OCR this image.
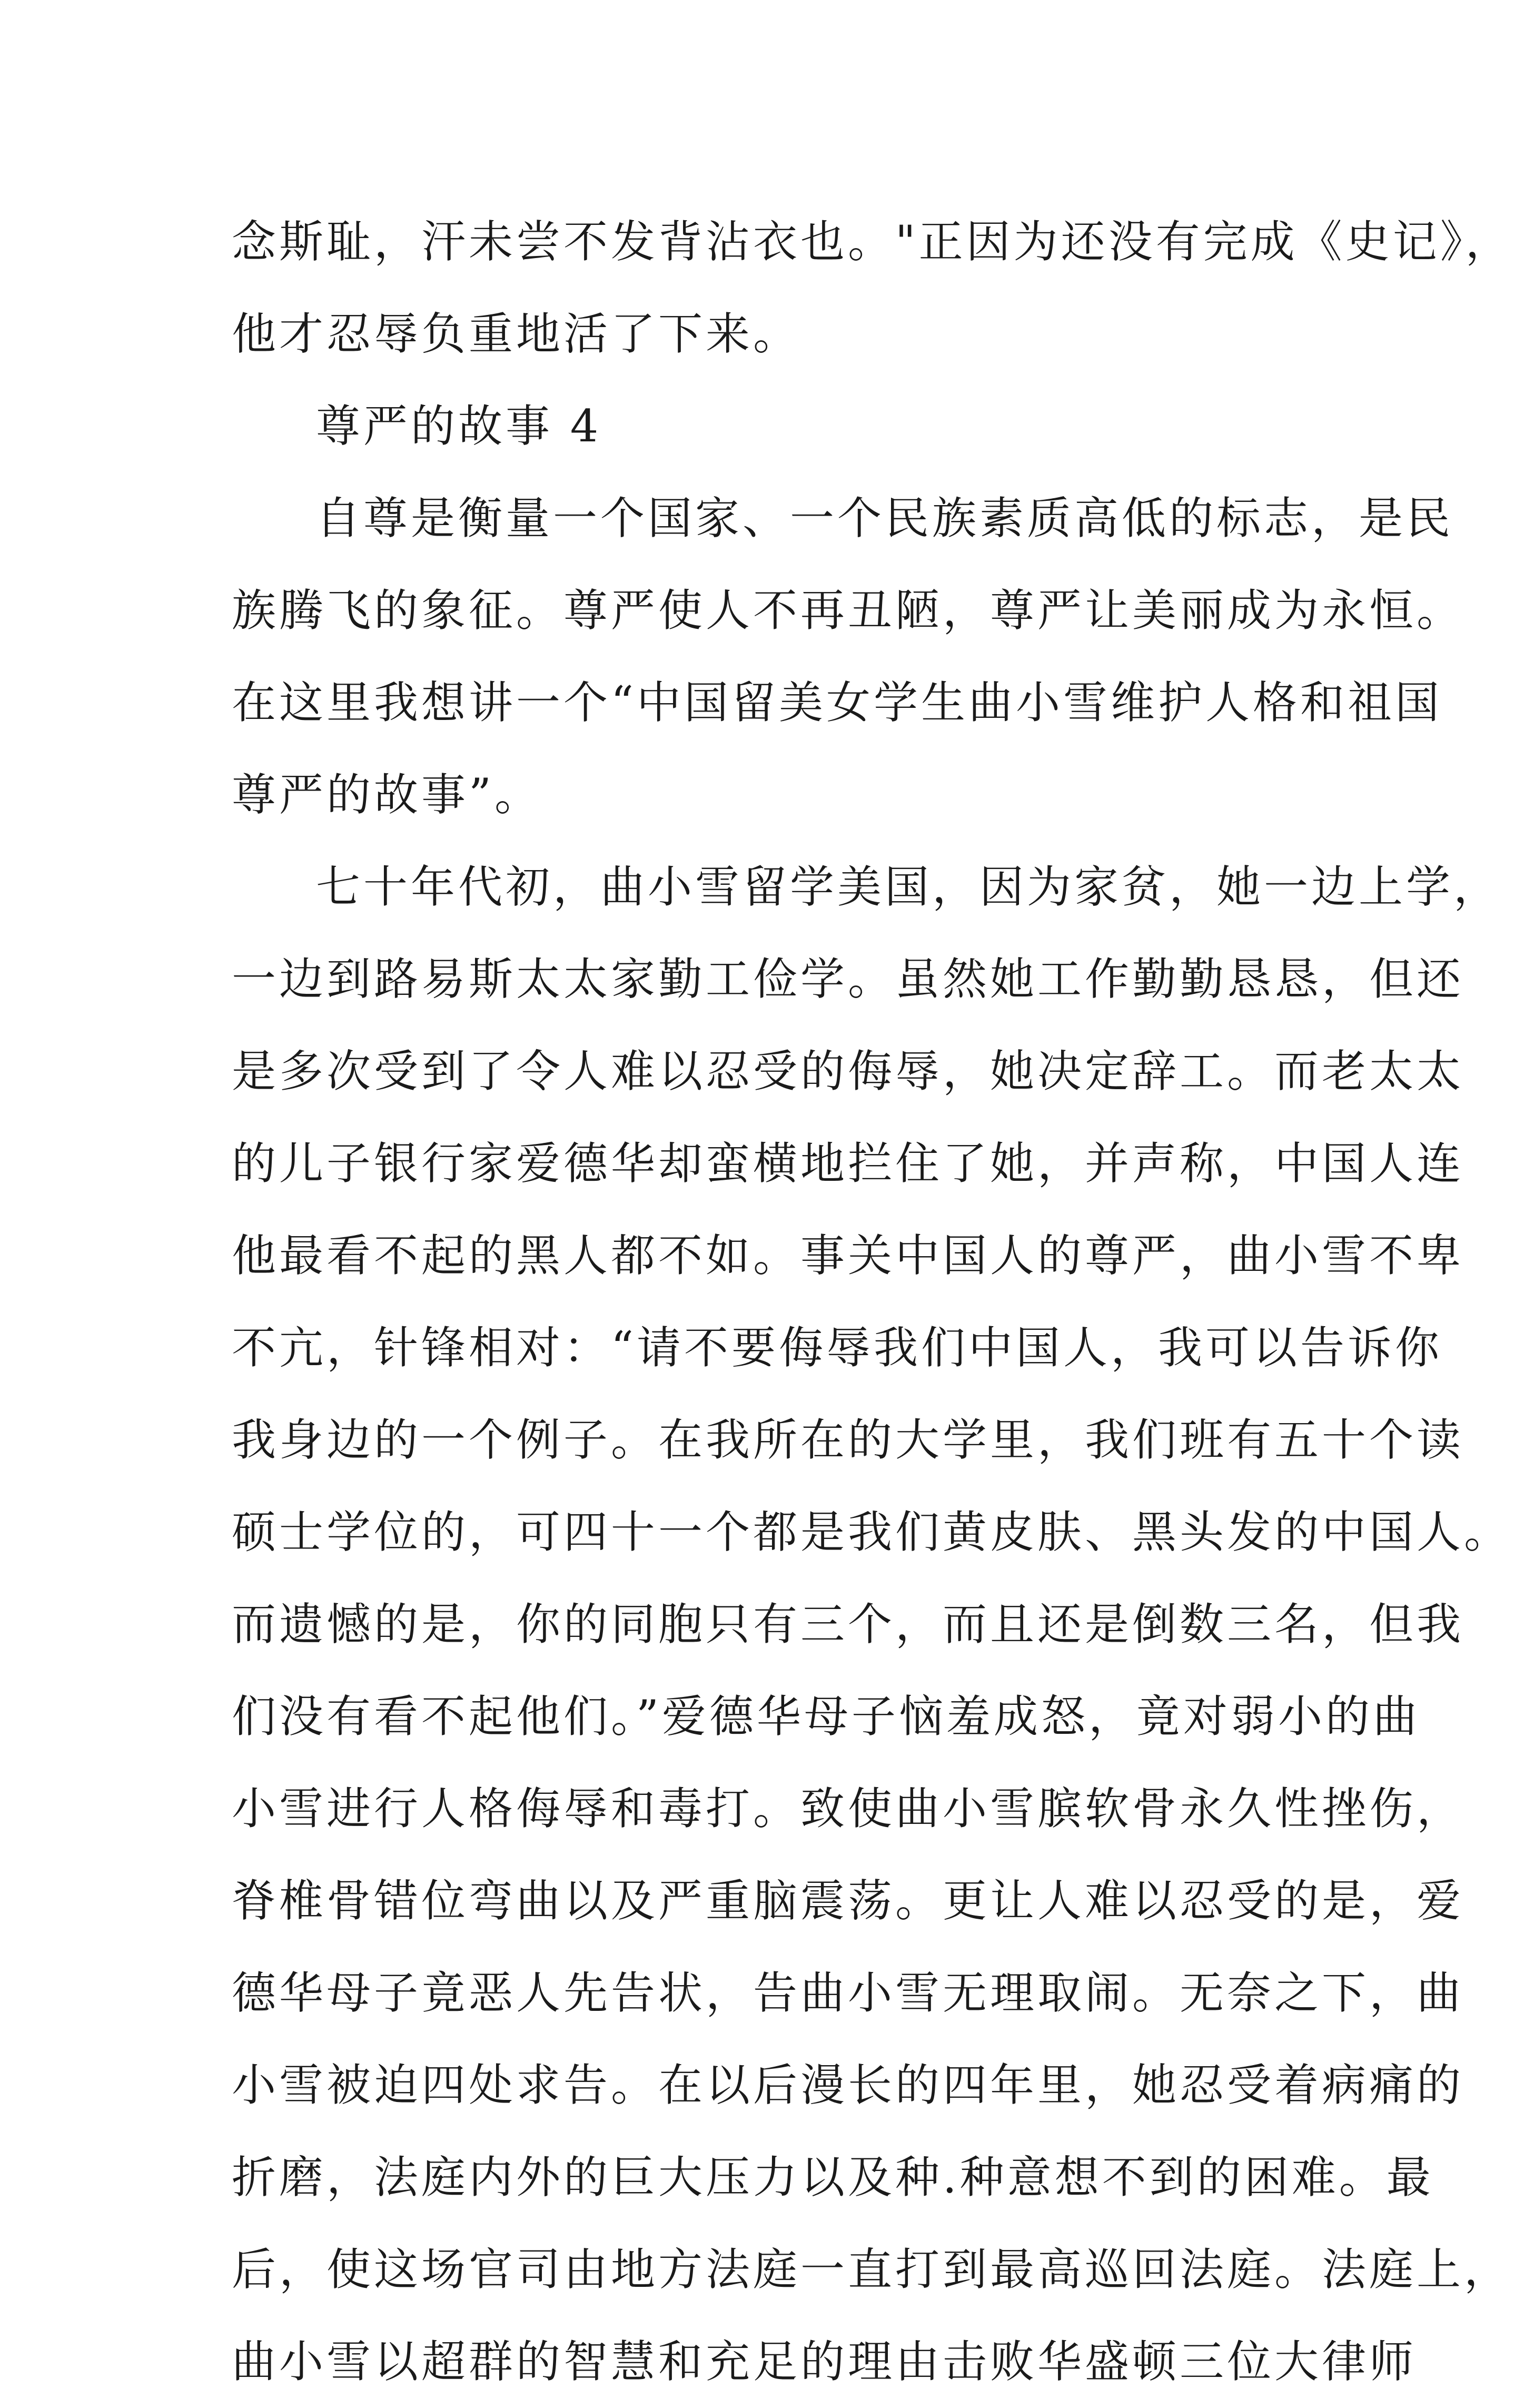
念斯耻，汗未尝不发背沾衣也。"正因为还没有完成《史记》，
他才忍辱负重地活了下来。
尊严的故事 4
自尊是衡量一个国家、一个民族素质高低的标志，是民
族腾飞的象征。尊严使人不再丑陋，尊严让美丽成为永恒。
在这里我想讲一个“中国留美女学生曲小雪维护人格和祖国
尊严的故事”。
七十年代初，曲小雪留学美国，因为家贫，她一边上学，
一边到路易斯太太家勤工俭学。虽然她工作勤勤恳恳，但还
是多次受到了令人难以忍受的侮辱，她决定辞工。而老太太
的儿子银行家爱德华却蛮横地拦住了她，并声称，中国人连
他最看不起的黑人都不如。事关中国人的尊严，曲小雪不卑
不亢，针锋相对：“请不要侮辱我们中国人，我可以告诉你
我身边的一个例子。在我所在的大学里，我们班有五十个读
硕士学位的，可四十一个都是我们黄皮肤、黑头发的中国人。
而遗憾的是，你的同胞只有三个，而且还是倒数三名，但我
们没有看不起他们。”爱德华母子恼羞成怒，竟对弱小的曲
小雪进行人格侮辱和毒打。致使曲小雪膑软骨永久性挫伤，
脊椎骨错位弯曲以及严重脑震荡。更让人难以忍受的是，爱
德华母子竟恶人先告状，告曲小雪无理取闹。无奈之下，曲
小雪被迫四处求告。在以后漫长的四年里，她忍受着病痛的
折磨，法庭内外的巨大压力以及种.种意想不到的困难。最
后，使这场官司由地方法庭一直打到最高巡回法庭。法庭上，
曲小雪以超群的智慧和充足的理由击败华盛顿三位大律师
